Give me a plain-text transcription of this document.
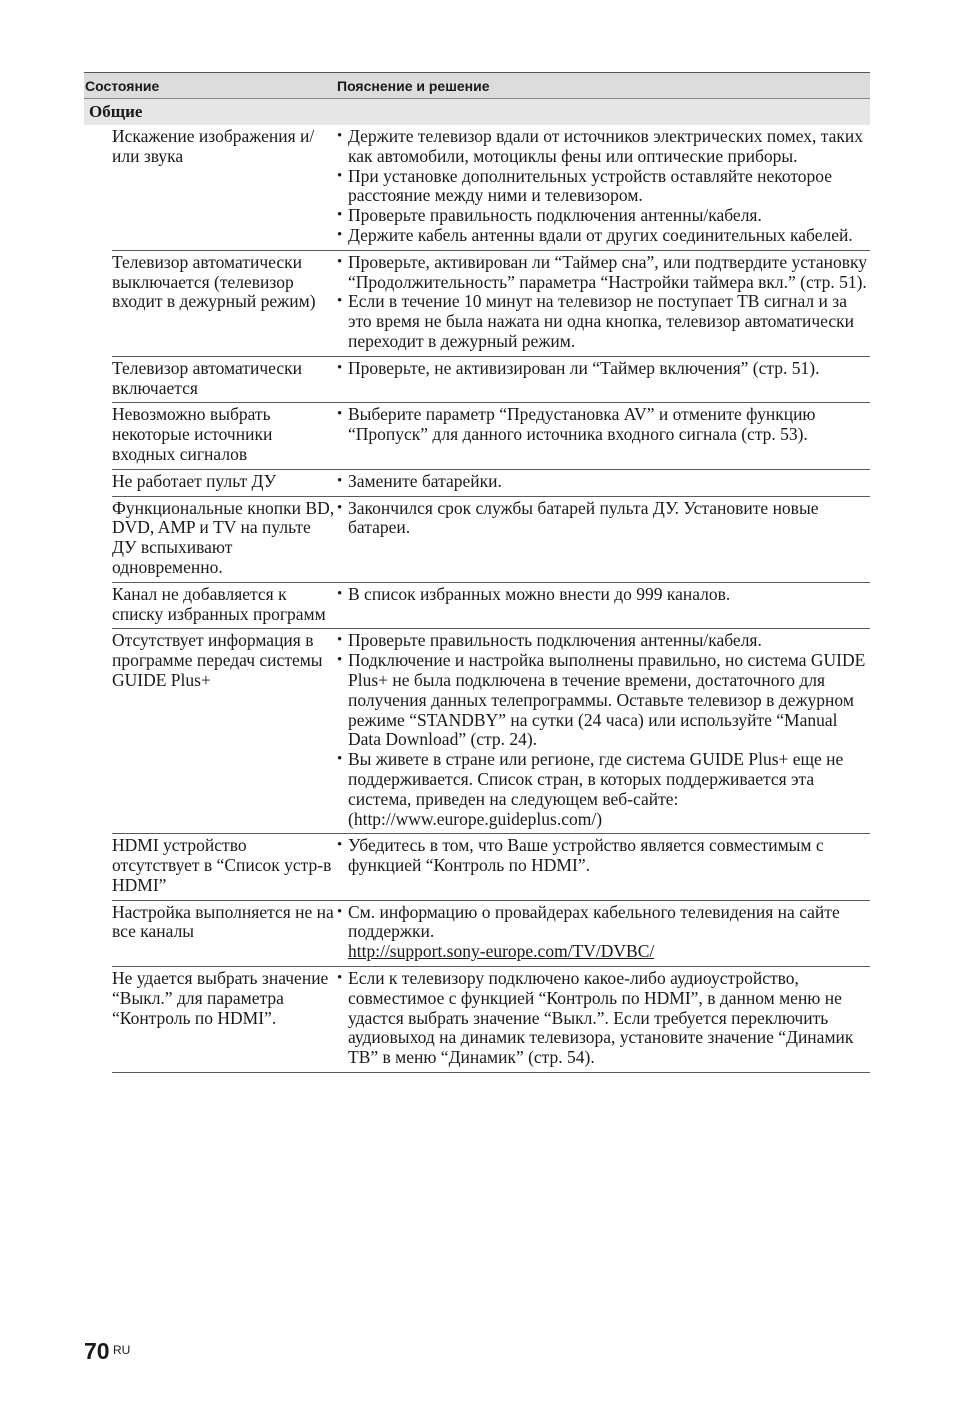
Состояние	Пояснение и решение
Общие
Искажение изображения и/или звука
• Держите телевизор вдали от источников электрических помех, таких как автомобили, мотоциклы фены или оптические приборы.
• При установке дополнительных устройств оставляйте некоторое расстояние между ними и телевизором.
• Проверьте правильность подключения антенны/кабеля.
• Держите кабель антенны вдали от других соединительных кабелей.
Телевизор автоматически выключается (телевизор входит в дежурный режим)
• Проверьте, активирован ли “Таймер сна”, или подтвердите установку “Продолжительность” параметра “Настройки таймера вкл.” (стр. 51).
• Если в течение 10 минут на телевизор не поступает ТВ сигнал и за это время не была нажата ни одна кнопка, телевизор автоматически переходит в дежурный режим.
Телевизор автоматически включается
• Проверьте, не активизирован ли “Таймер включения” (стр. 51).
Невозможно выбрать некоторые источники входных сигналов
• Выберите параметр “Предустановка AV” и отмените функцию “Пропуск” для данного источника входного сигнала (стр. 53).
Не работает пульт ДУ	• Замените батарейки.
Функциональные кнопки BD, DVD, AMP и TV на пульте ДУ вспыхивают одновременно.
• Закончился срок службы батарей пульта ДУ. Установите новые батареи.
Канал не добавляется к списку избранных программ
• В список избранных можно внести до 999 каналов.
Отсутствует информация в программе передач системы GUIDE Plus+
• Проверьте правильность подключения антенны/кабеля.
• Подключение и настройка выполнены правильно, но система GUIDE Plus+ не была подключена в течение времени, достаточного для получения данных телепрограммы. Оставьте телевизор в дежурном режиме “STANDBY” на сутки (24 часа) или используйте “Manual Data Download” (стр. 24).
• Вы живете в стране или регионе, где система GUIDE Plus+ еще не поддерживается. Список стран, в которых поддерживается эта система, приведен на следующем веб-сайте:
(http://www.europe.guideplus.com/)
HDMI устройство отсутствует в “Список устр-в HDMI”
• Убедитесь в том, что Ваше устройство является совместимым с функцией “Контроль по HDMI”.
Настройка выполняется не на все каналы
• См. информацию о провайдерах кабельного телевидения на сайте поддержки.
http://support.sony-europe.com/TV/DVBC/
Не удается выбрать значение “Выкл.” для параметра “Контроль по HDMI”.
• Если к телевизору подключено какое-либо аудиоустройство, совместимое с функцией “Контроль по HDMI”, в данном меню не удастся выбрать значение “Выкл.”. Если требуется переключить аудиовыход на динамик телевизора, установите значение “Динамик ТВ” в меню “Динамик” (стр. 54).
70 RU
